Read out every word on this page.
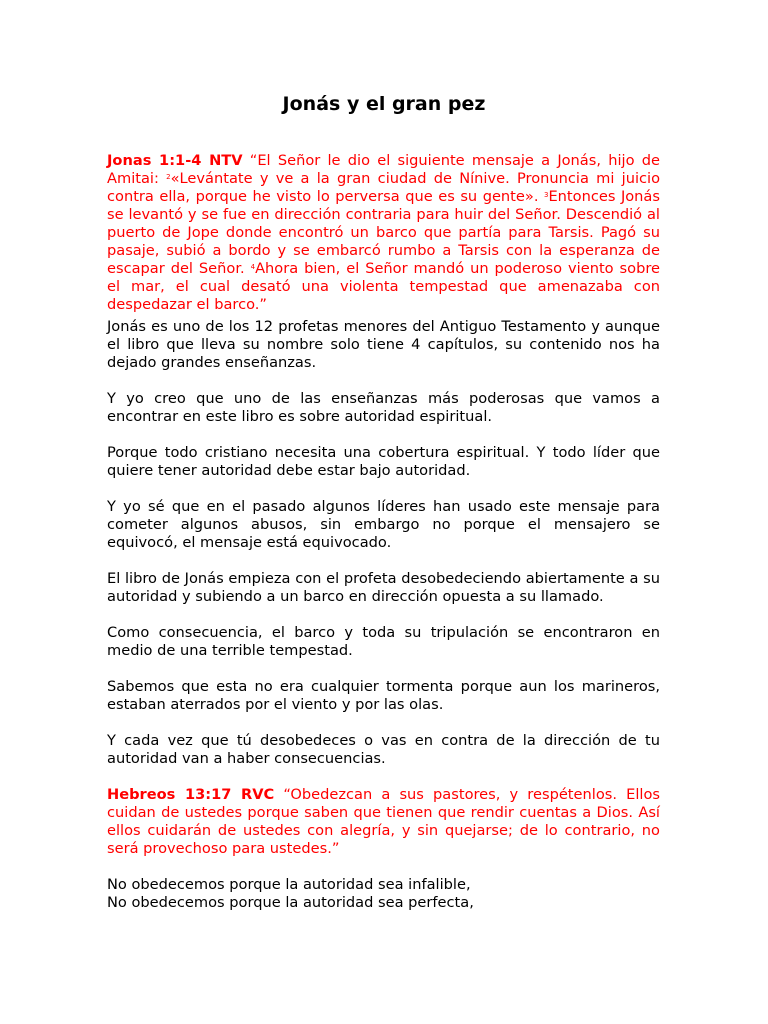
Jonás y el gran pez

Jonas 1:1-4 NTV “El Señor le dio el siguiente mensaje a Jonás, hijo de Amitai: $^2$«Levántate y ve a la gran ciudad de Nínive. Pronuncia mi juicio contra ella, porque he visto lo perversa que es su gente». $^3$Entonces Jonás se levantó y se fue en dirección contraria para huir del Señor. Descendió al puerto de Jope donde encontró un barco que partía para Tarsis. Pagó su pasaje, subió a bordo y se embarcó rumbo a Tarsis con la esperanza de escapar del Señor. $^4$Ahora bien, el Señor mandó un poderoso viento sobre el mar, el cual desató una violenta tempestad que amenazaba con despedazar el barco.”

Jonás es uno de los 12 profetas menores del Antiguo Testamento y aunque el libro que lleva su nombre solo tiene 4 capítulos, su contenido nos ha dejado grandes enseñanzas.

Y yo creo que uno de las enseñanzas más poderosas que vamos a encontrar en este libro es sobre autoridad espiritual.

Porque todo cristiano necesita una cobertura espiritual. Y todo líder que quiere tener autoridad debe estar bajo autoridad.

Y yo sé que en el pasado algunos líderes han usado este mensaje para cometer algunos abusos, sin embargo no porque el mensajero se equivocó, el mensaje está equivocado.

El libro de Jonás empieza con el profeta desobedeciendo abiertamente a su autoridad y subiendo a un barco en dirección opuesta a su llamado.

Como consecuencia, el barco y toda su tripulación se encontraron en medio de una terrible tempestad.

Sabemos que esta no era cualquier tormenta porque aun los marineros, estaban aterrados por el viento y por las olas.

Y cada vez que tú desobedeces o vas en contra de la dirección de tu autoridad van a haber consecuencias.

Hebreos 13:17 RVC “Obedezcan a sus pastores, y respétenlos. Ellos cuidan de ustedes porque saben que tienen que rendir cuentas a Dios. Así ellos cuidarán de ustedes con alegría, y sin quejarse; de lo contrario, no será provechoso para ustedes.”

No obedecemos porque la autoridad sea infalible,

No obedecemos porque la autoridad sea perfecta,
